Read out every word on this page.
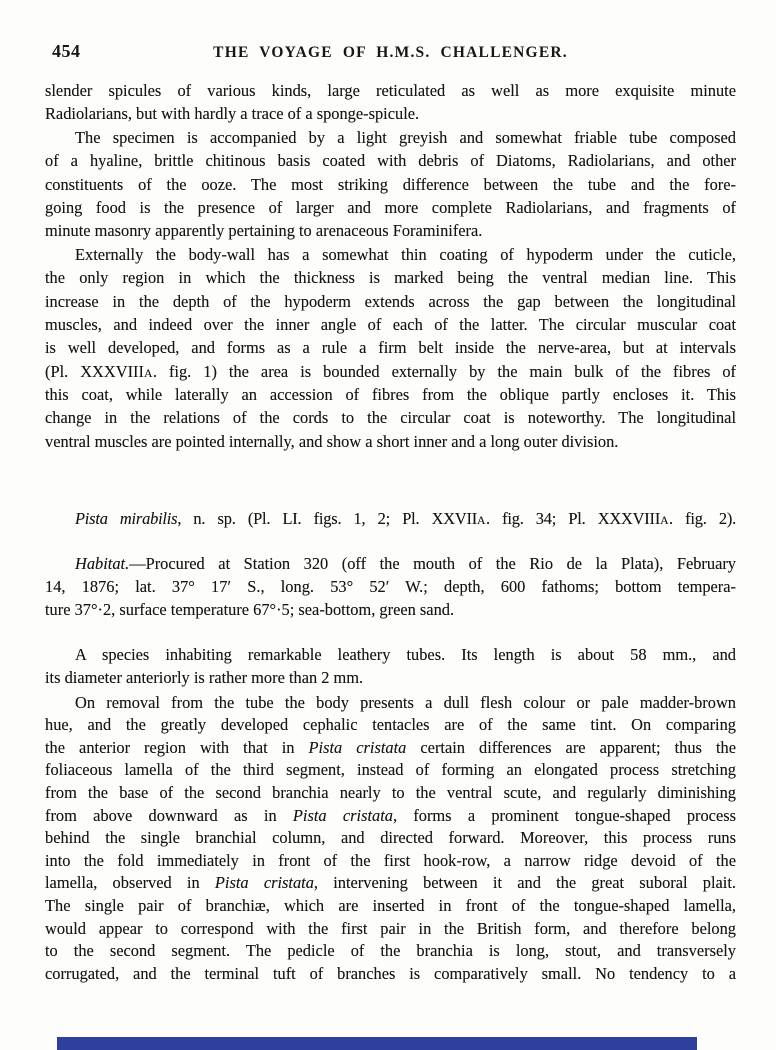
454	THE VOYAGE OF H.M.S. CHALLENGER.
slender spicules of various kinds, large reticulated as well as more exquisite minute
Radiolarians, but with hardly a trace of a sponge-spicule.
The specimen is accompanied by a light greyish and somewhat friable tube composed
of a hyaline, brittle chitinous basis coated with debris of Diatoms, Radiolarians, and other
constituents of the ooze. The most striking difference between the tube and the fore-
going food is the presence of larger and more complete Radiolarians, and fragments of
minute masonry apparently pertaining to arenaceous Foraminifera.
Externally the body-wall has a somewhat thin coating of hypoderm under the cuticle,
the only region in which the thickness is marked being the ventral median line. This
increase in the depth of the hypoderm extends across the gap between the longitudinal
muscles, and indeed over the inner angle of each of the latter. The circular muscular coat
is well developed, and forms as a rule a firm belt inside the nerve-area, but at intervals
(Pl. XXXVIIIA. fig. 1) the area is bounded externally by the main bulk of the fibres of
this coat, while laterally an accession of fibres from the oblique partly encloses it. This
change in the relations of the cords to the circular coat is noteworthy. The longitudinal
ventral muscles are pointed internally, and show a short inner and a long outer division.
Pista mirabilis, n. sp. (Pl. LI. figs. 1, 2; Pl. XXVIIA. fig. 34; Pl. XXXVIIIA. fig. 2).
Habitat.—Procured at Station 320 (off the mouth of the Rio de la Plata), February
14, 1876; lat. 37° 17′ S., long. 53° 52′ W.; depth, 600 fathoms; bottom tempera-
ture 37°·2, surface temperature 67°·5; sea-bottom, green sand.
A species inhabiting remarkable leathery tubes. Its length is about 58 mm., and
its diameter anteriorly is rather more than 2 mm.
On removal from the tube the body presents a dull flesh colour or pale madder-brown
hue, and the greatly developed cephalic tentacles are of the same tint. On comparing
the anterior region with that in Pista cristata certain differences are apparent; thus the
foliaceous lamella of the third segment, instead of forming an elongated process stretching
from the base of the second branchia nearly to the ventral scute, and regularly diminishing
from above downward as in Pista cristata, forms a prominent tongue-shaped process
behind the single branchial column, and directed forward. Moreover, this process runs
into the fold immediately in front of the first hook-row, a narrow ridge devoid of the
lamella, observed in Pista cristata, intervening between it and the great suboral plait.
The single pair of branchiæ, which are inserted in front of the tongue-shaped lamella,
would appear to correspond with the first pair in the British form, and therefore belong
to the second segment. The pedicle of the branchia is long, stout, and transversely
corrugated, and the terminal tuft of branches is comparatively small. No tendency to a
